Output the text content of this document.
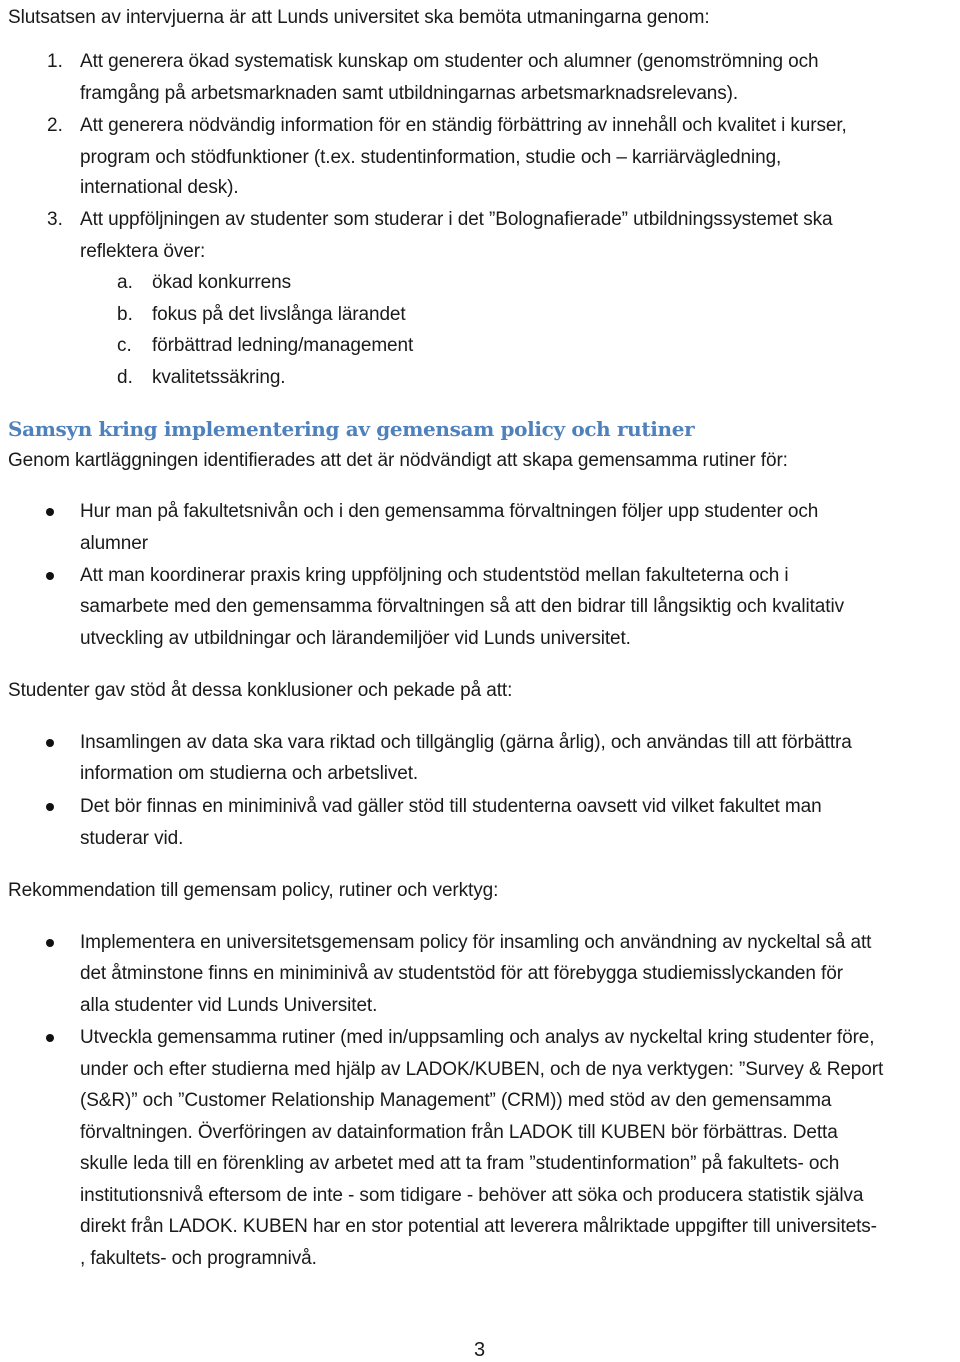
Slutsatsen av intervjuerna är att Lunds universitet ska bemöta utmaningarna genom:
1. Att generera ökad systematisk kunskap om studenter och alumner (genomströmning och
framgång på arbetsmarknaden samt utbildningarnas arbetsmarknadsrelevans).
2. Att generera nödvändig information för en ständig förbättring av innehåll och kvalitet i kurser,
program och stödfunktioner (t.ex. studentinformation, studie och – karriärvägledning,
international desk).
3. Att uppföljningen av studenter som studerar i det ”Bolognafierade” utbildningssystemet ska
reflektera över:
a. ökad konkurrens
b. fokus på det livslånga lärandet
c. förbättrad ledning/management
d. kvalitetssäkring.
Samsyn kring implementering av gemensam policy och rutiner
Genom kartläggningen identifierades att det är nödvändigt att skapa gemensamma rutiner för:
Hur man på fakultetsnivån och i den gemensamma förvaltningen följer upp studenter och
alumner
Att man koordinerar praxis kring uppföljning och studentstöd mellan fakulteterna och i
samarbete med den gemensamma förvaltningen så att den bidrar till långsiktig och kvalitativ
utveckling av utbildningar och lärandemiljöer vid Lunds universitet.
Studenter gav stöd åt dessa konklusioner och pekade på att:
Insamlingen av data ska vara riktad och tillgänglig (gärna årlig), och användas till att förbättra
information om studierna och arbetslivet.
Det bör finnas en miniminivå vad gäller stöd till studenterna oavsett vid vilket fakultet man
studerar vid.
Rekommendation till gemensam policy, rutiner och verktyg:
Implementera en universitetsgemensam policy för insamling och användning av nyckeltal så att
det åtminstone finns en miniminivå av studentstöd för att förebygga studiemisslyckanden för
alla studenter vid Lunds Universitet.
Utveckla gemensamma rutiner (med in/uppsamling och analys av nyckeltal kring studenter före,
under och efter studierna med hjälp av LADOK/KUBEN, och de nya verktygen: ”Survey & Report
(S&R)” och ”Customer Relationship Management” (CRM)) med stöd av den gemensamma
förvaltningen. Överföringen av datainformation från LADOK till KUBEN bör förbättras. Detta
skulle leda till en förenkling av arbetet med att ta fram ”studentinformation” på fakultets- och
institutionsnivå eftersom de inte - som tidigare - behöver att söka och producera statistik själva
direkt från LADOK. KUBEN har en stor potential att leverera målriktade uppgifter till universitets-
, fakultets- och programnivå.
3
